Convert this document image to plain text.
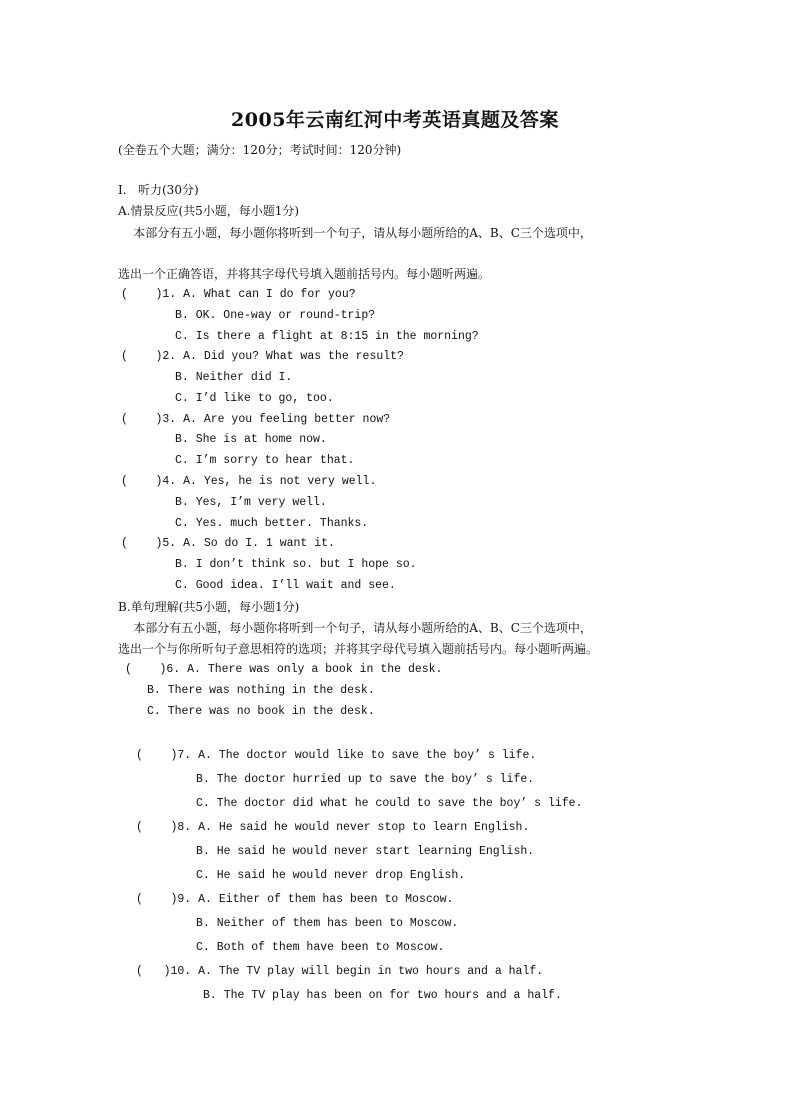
2005年云南红河中考英语真题及答案
(全卷五个大题；满分：120分；考试时间：120分钟)
I.   听力(30分)
A.情景反应(共5小题，每小题1分)
本部分有五小题，每小题你将听到一个句子，请从每小题所给的A、B、C三个选项中，
选出一个正确答语，并将其字母代号填入题前括号内。每小题听两遍。
(    )1. A. What can I do for you?
B. OK. One-way or round-trip?
C. Is there a flight at 8:15 in the morning?
(    )2. A. Did you? What was the result?
B. Neither did I.
C. I’d like to go, too.
(    )3. A. Are you feeling better now?
B. She is at home now.
C. I’m sorry to hear that.
(    )4. A. Yes, he is not very well.
B. Yes, I’m very well.
C. Yes. much better. Thanks.
(    )5. A. So do I. 1 want it.
B. I don’t think so. but I hope so.
C. Good idea. I’ll wait and see.
B.单句理解(共5小题，每小题1分)
本部分有五小题，每小题你将听到一个句子，请从每小题所给的A、B、C三个选项中，
选出一个与你所听句子意思相符的选项；并将其字母代号填入题前括号内。每小题听两遍。
(    )6. A. There was only a book in the desk.
B. There was nothing in the desk.
C. There was no book in the desk.
(    )7. A. The doctor would like to save the boy’ s life.
B. The doctor hurried up to save the boy’ s life.
C. The doctor did what he could to save the boy’ s life.
(    )8. A. He said he would never stop to learn English.
B. He said he would never start learning English.
C. He said he would never drop English.
(    )9. A. Either of them has been to Moscow.
B. Neither of them has been to Moscow.
C. Both of them have been to Moscow.
(   )10. A. The TV play will begin in two hours and a half.
B. The TV play has been on for two hours and a half.
